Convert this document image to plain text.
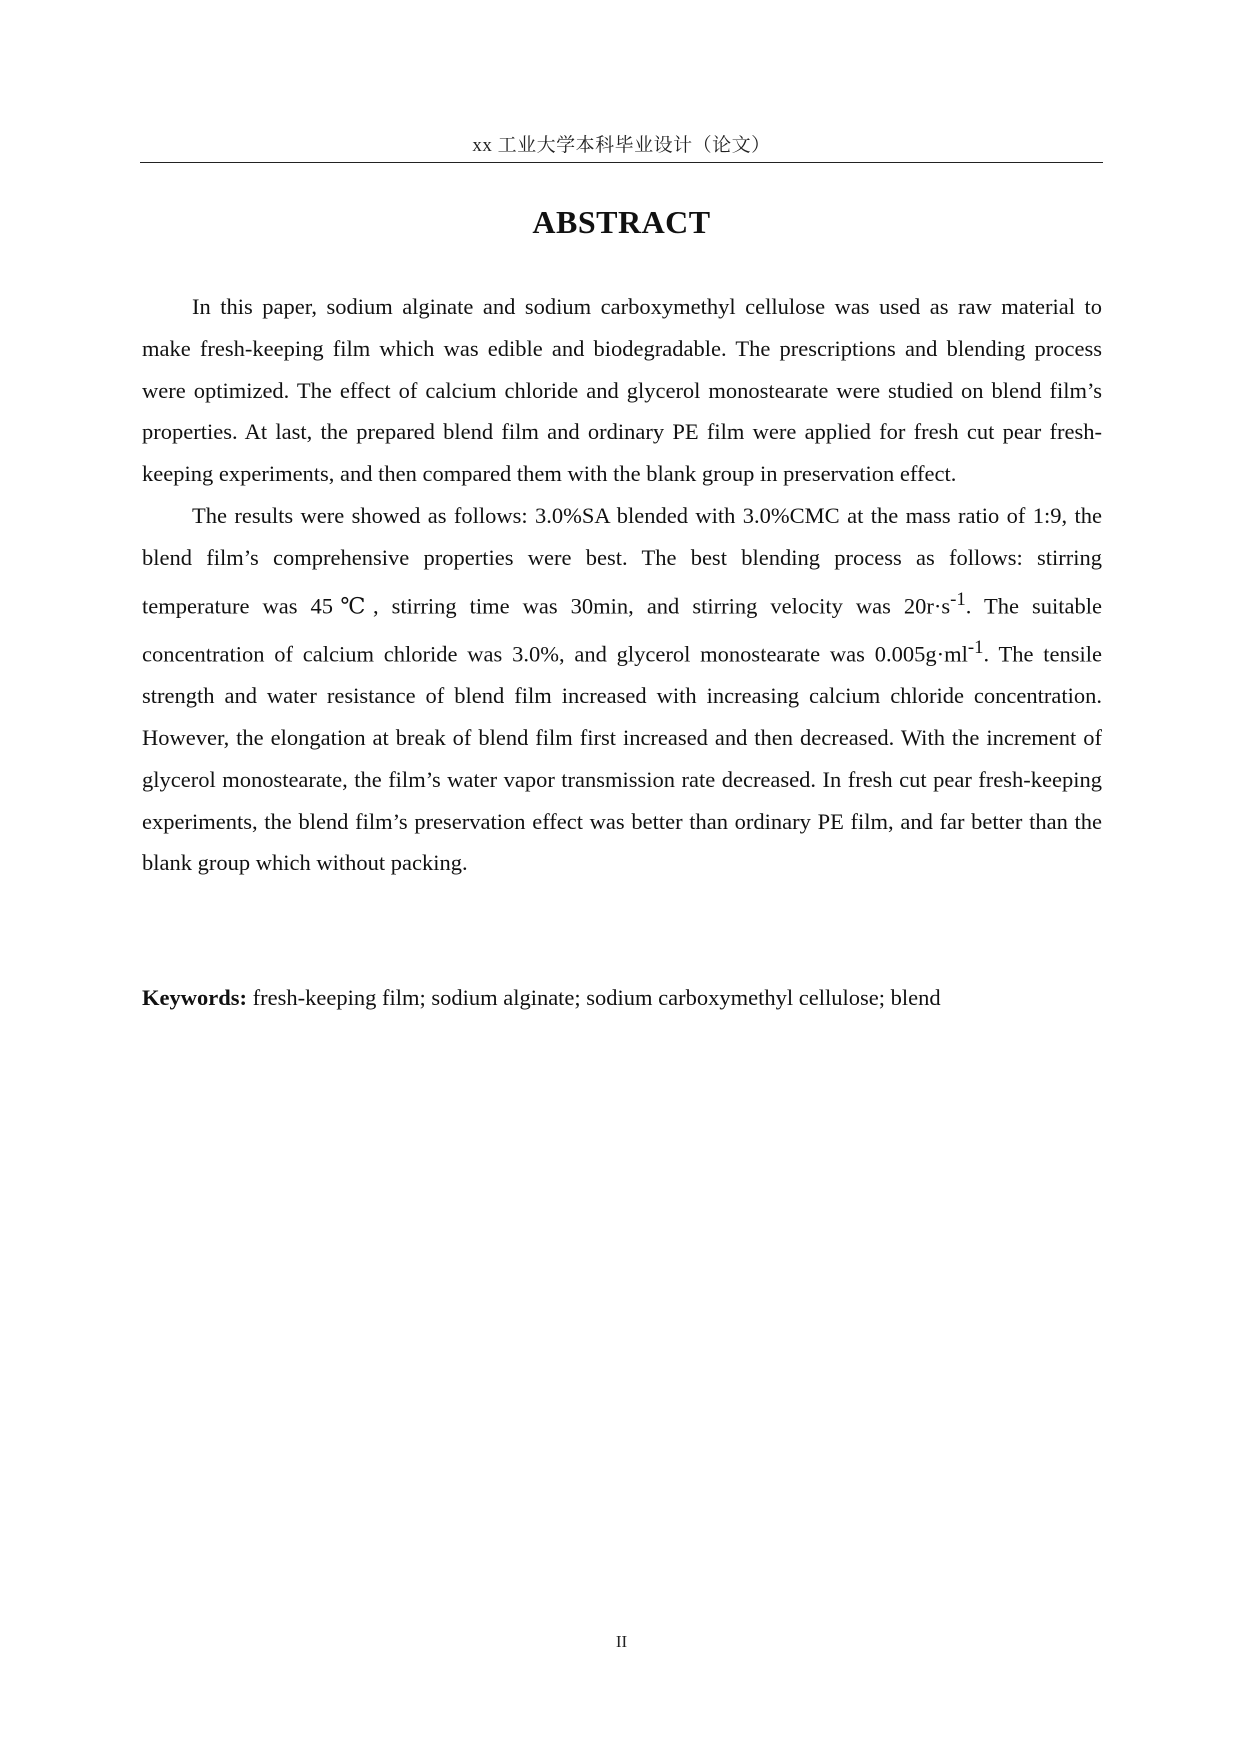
xx 工业大学本科毕业设计（论文）
ABSTRACT

In this paper, sodium alginate and sodium carboxymethyl cellulose was used as raw material to make fresh-keeping film which was edible and biodegradable. The prescriptions and blending process were optimized. The effect of calcium chloride and glycerol monostearate were studied on blend film’s properties. At last, the prepared blend film and ordinary PE film were applied for fresh cut pear fresh-keeping experiments, and then compared them with the blank group in preservation effect.

The results were showed as follows: 3.0%SA blended with 3.0%CMC at the mass ratio of 1:9, the blend film’s comprehensive properties were best. The best blending process as follows: stirring temperature was 45℃, stirring time was 30min, and stirring velocity was $20r\cdot s^{-1}$. The suitable concentration of calcium chloride was 3.0%, and glycerol monostearate was $0.005g\cdot ml^{-1}$. The tensile strength and water resistance of blend film increased with increasing calcium chloride concentration. However, the elongation at break of blend film first increased and then decreased. With the increment of glycerol monostearate, the film’s water vapor transmission rate decreased. In fresh cut pear fresh-keeping experiments, the blend film’s preservation effect was better than ordinary PE film, and far better than the blank group which without packing.

Keywords: fresh-keeping film; sodium alginate; sodium carboxymethyl cellulose; blend
II
